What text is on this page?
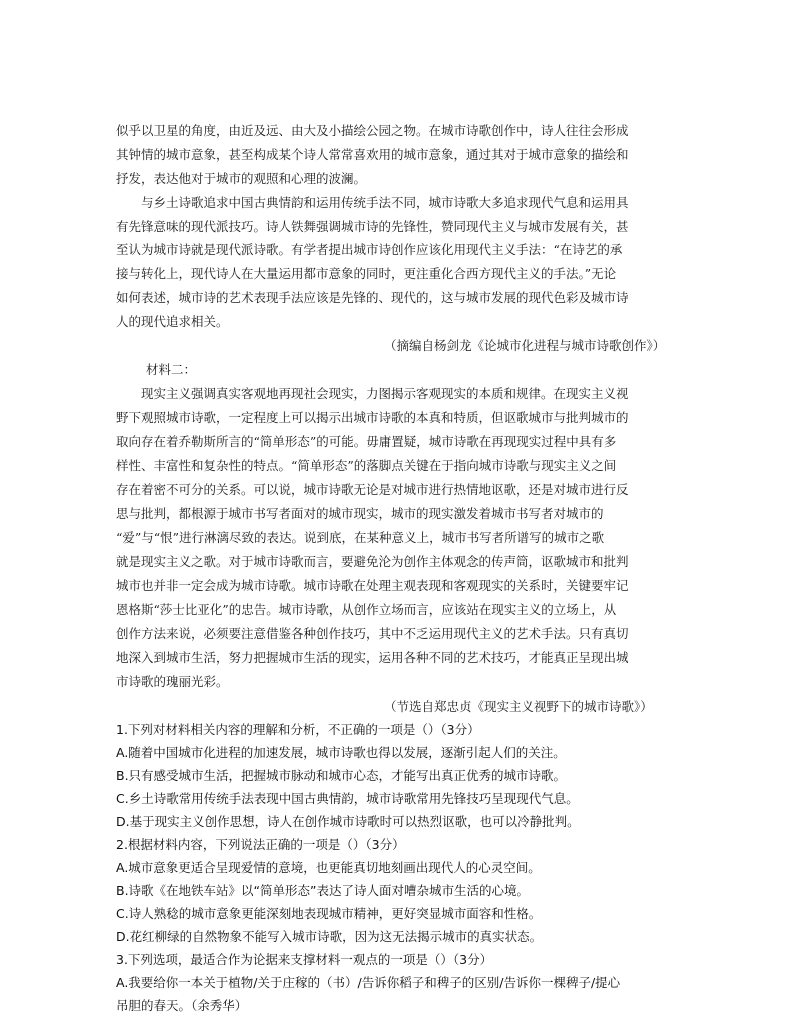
似乎以卫星的角度，由近及远、由大及小描绘公园之物。在城市诗歌创作中，诗人往往会形成
其钟情的城市意象，甚至构成某个诗人常常喜欢用的城市意象，通过其对于城市意象的描绘和
抒发，表达他对于城市的观照和心理的波澜。
　　与乡土诗歌追求中国古典情韵和运用传统手法不同，城市诗歌大多追求现代气息和运用具
有先锋意味的现代派技巧。诗人铁舞强调城市诗的先锋性，赞同现代主义与城市发展有关，甚
至认为城市诗就是现代派诗歌。有学者提出城市诗创作应该化用现代主义手法：“在诗艺的承
接与转化上，现代诗人在大量运用都市意象的同时，更注重化合西方现代主义的手法。”无论
如何表述，城市诗的艺术表现手法应该是先锋的、现代的，这与城市发展的现代色彩及城市诗
人的现代追求相关。
（摘编自杨剑龙《论城市化进程与城市诗歌创作》）
材料二：
　　现实主义强调真实客观地再现社会现实，力图揭示客观现实的本质和规律。在现实主义视
野下观照城市诗歌，一定程度上可以揭示出城市诗歌的本真和特质，但讴歌城市与批判城市的
取向存在着乔勒斯所言的“简单形态”的可能。毋庸置疑，城市诗歌在再现现实过程中具有多
样性、丰富性和复杂性的特点。“简单形态”的落脚点关键在于指向城市诗歌与现实主义之间
存在着密不可分的关系。可以说，城市诗歌无论是对城市进行热情地讴歌，还是对城市进行反
思与批判，都根源于城市书写者面对的城市现实，城市的现实激发着城市书写者对城市的
“爱”与“恨”进行淋漓尽致的表达。说到底，在某种意义上，城市书写者所谱写的城市之歌
就是现实主义之歌。对于城市诗歌而言，要避免沦为创作主体观念的传声筒，讴歌城市和批判
城市也并非一定会成为城市诗歌。城市诗歌在处理主观表现和客观现实的关系时，关键要牢记
恩格斯“莎士比亚化”的忠告。城市诗歌，从创作立场而言，应该站在现实主义的立场上，从
创作方法来说，必须要注意借鉴各种创作技巧，其中不乏运用现代主义的艺术手法。只有真切
地深入到城市生活，努力把握城市生活的现实，运用各种不同的艺术技巧，才能真正呈现出城
市诗歌的瑰丽光彩。
（节选自郑忠贞《现实主义视野下的城市诗歌》）
1.下列对材料相关内容的理解和分析，不正确的一项是（）（3分）
A.随着中国城市化进程的加速发展，城市诗歌也得以发展，逐渐引起人们的关注。
B.只有感受城市生活，把握城市脉动和城市心态，才能写出真正优秀的城市诗歌。
C.乡土诗歌常用传统手法表现中国古典情韵，城市诗歌常用先锋技巧呈现现代气息。
D.基于现实主义创作思想，诗人在创作城市诗歌时可以热烈讴歌，也可以冷静批判。
2.根据材料内容，下列说法正确的一项是（）（3分）
A.城市意象更适合呈现爱情的意境，也更能真切地刻画出现代人的心灵空间。
B.诗歌《在地铁车站》以“简单形态”表达了诗人面对嘈杂城市生活的心境。
C.诗人熟稔的城市意象更能深刻地表现城市精神，更好突显城市面容和性格。
D.花红柳绿的自然物象不能写入城市诗歌，因为这无法揭示城市的真实状态。
3.下列选项，最适合作为论据来支撑材料一观点的一项是（）（3分）
A.我要给你一本关于植物/关于庄稼的（书）/告诉你稻子和稗子的区别/告诉你一棵稗子/提心
吊胆的春天。（余秀华）
